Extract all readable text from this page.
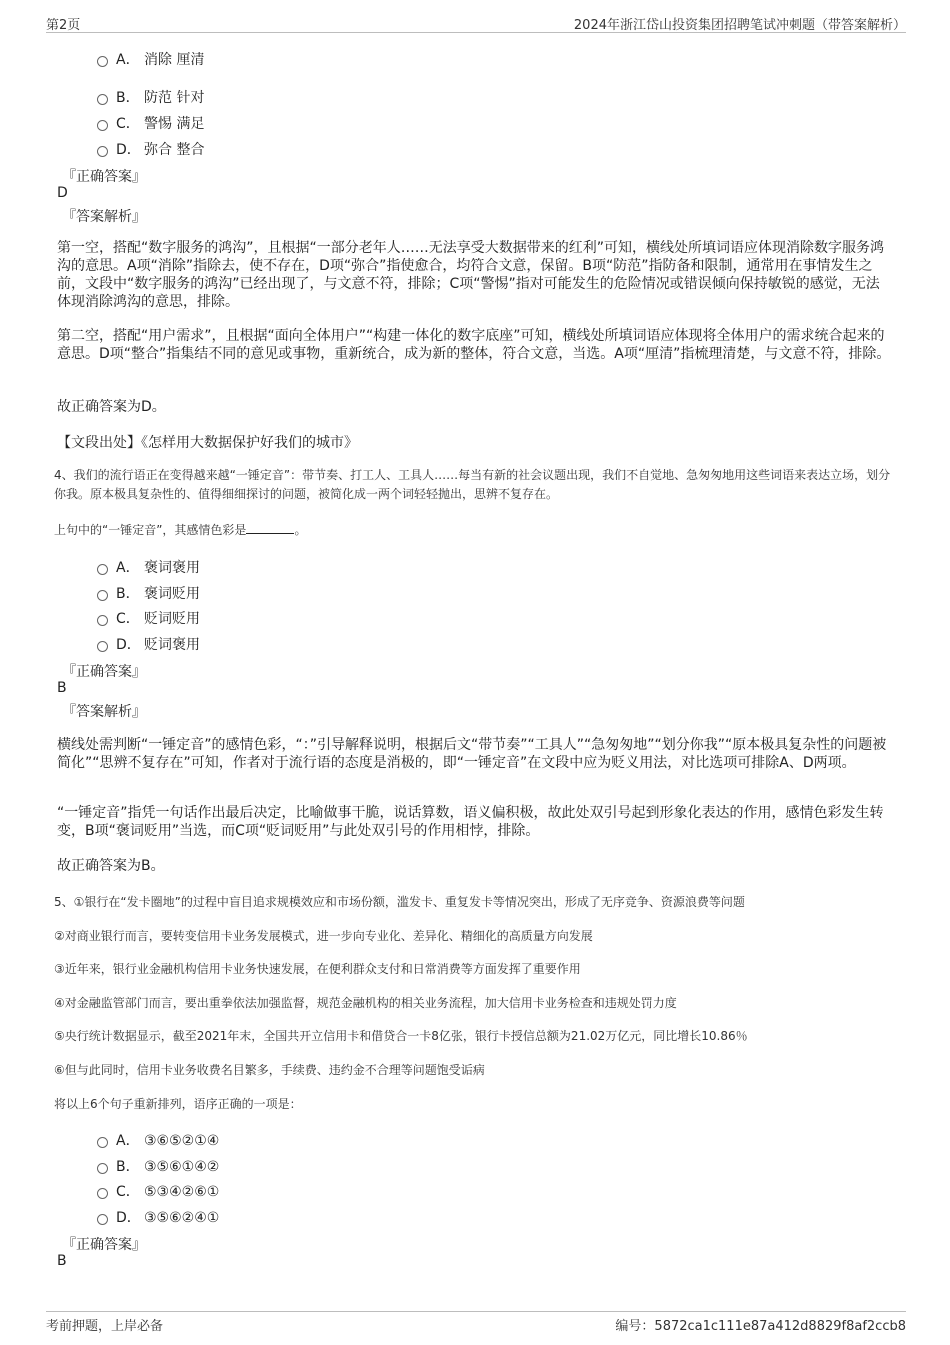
第2页	2024年浙江岱山投资集团招聘笔试冲刺题（带答案解析）
A． 消除 厘清
B． 防范 针对
C． 警惕 满足
D． 弥合 整合
『正确答案』
D
『答案解析』
第一空，搭配“数字服务的鸿沟”，且根据“一部分老年人……无法享受大数据带来的红利”可知，横线处所填词语应体现消除数字服务鸿沟的意思。A项“消除”指除去，使不存在，D项“弥合”指使愈合，均符合文意，保留。B项“防范”指防备和限制，通常用在事情发生之前，文段中“数字服务的鸿沟”已经出现了，与文意不符，排除；C项“警惕”指对可能发生的危险情况或错误倾向保持敏锐的感觉，无法体现消除鸿沟的意思，排除。
第二空，搭配“用户需求”，且根据“面向全体用户”“构建一体化的数字底座”可知，横线处所填词语应体现将全体用户的需求统合起来的意思。D项“整合”指集结不同的意见或事物，重新统合，成为新的整体，符合文意，当选。A项“厘清”指梳理清楚，与文意不符，排除。
故正确答案为D。
【文段出处】《怎样用大数据保护好我们的城市》
4、我们的流行语正在变得越来越“一锤定音”：带节奏、打工人、工具人……每当有新的社会议题出现，我们不自觉地、急匆匆地用这些词语来表达立场，划分你我。原本极具复杂性的、值得细细探讨的问题，被简化成一两个词轻轻抛出，思辨不复存在。
上句中的“一锤定音”，其感情色彩是	。
A． 褒词褒用
B． 褒词贬用
C． 贬词贬用
D． 贬词褒用
『正确答案』
B
『答案解析』
横线处需判断“一锤定音”的感情色彩，“：”引导解释说明，根据后文“带节奏”“工具人”“急匆匆地”“划分你我”“原本极具复杂性的问题被简化”“思辨不复存在”可知，作者对于流行语的态度是消极的，即“一锤定音”在文段中应为贬义用法，对比选项可排除A、D两项。
“一锤定音”指凭一句话作出最后决定，比喻做事干脆，说话算数，语义偏积极，故此处双引号起到形象化表达的作用，感情色彩发生转变，B项“褒词贬用”当选，而C项“贬词贬用”与此处双引号的作用相悖，排除。
故正确答案为B。
5、①银行在“发卡圈地”的过程中盲目追求规模效应和市场份额，滥发卡、重复发卡等情况突出，形成了无序竞争、资源浪费等问题
②对商业银行而言，要转变信用卡业务发展模式，进一步向专业化、差异化、精细化的高质量方向发展
③近年来，银行业金融机构信用卡业务快速发展，在便利群众支付和日常消费等方面发挥了重要作用
④对金融监管部门而言，要出重拳依法加强监督，规范金融机构的相关业务流程，加大信用卡业务检查和违规处罚力度
⑤央行统计数据显示，截至2021年末，全国共开立信用卡和借贷合一卡8亿张，银行卡授信总额为21.02万亿元，同比增长10.86％
⑥但与此同时，信用卡业务收费名目繁多，手续费、违约金不合理等问题饱受诟病
将以上6个句子重新排列，语序正确的一项是：
A． ③⑥⑤②①④
B． ③⑤⑥①④②
C． ⑤③④②⑥①
D． ③⑤⑥②④①
『正确答案』
B
考前押题，上岸必备	编号：5872ca1c111e87a412d8829f8af2ccb8
